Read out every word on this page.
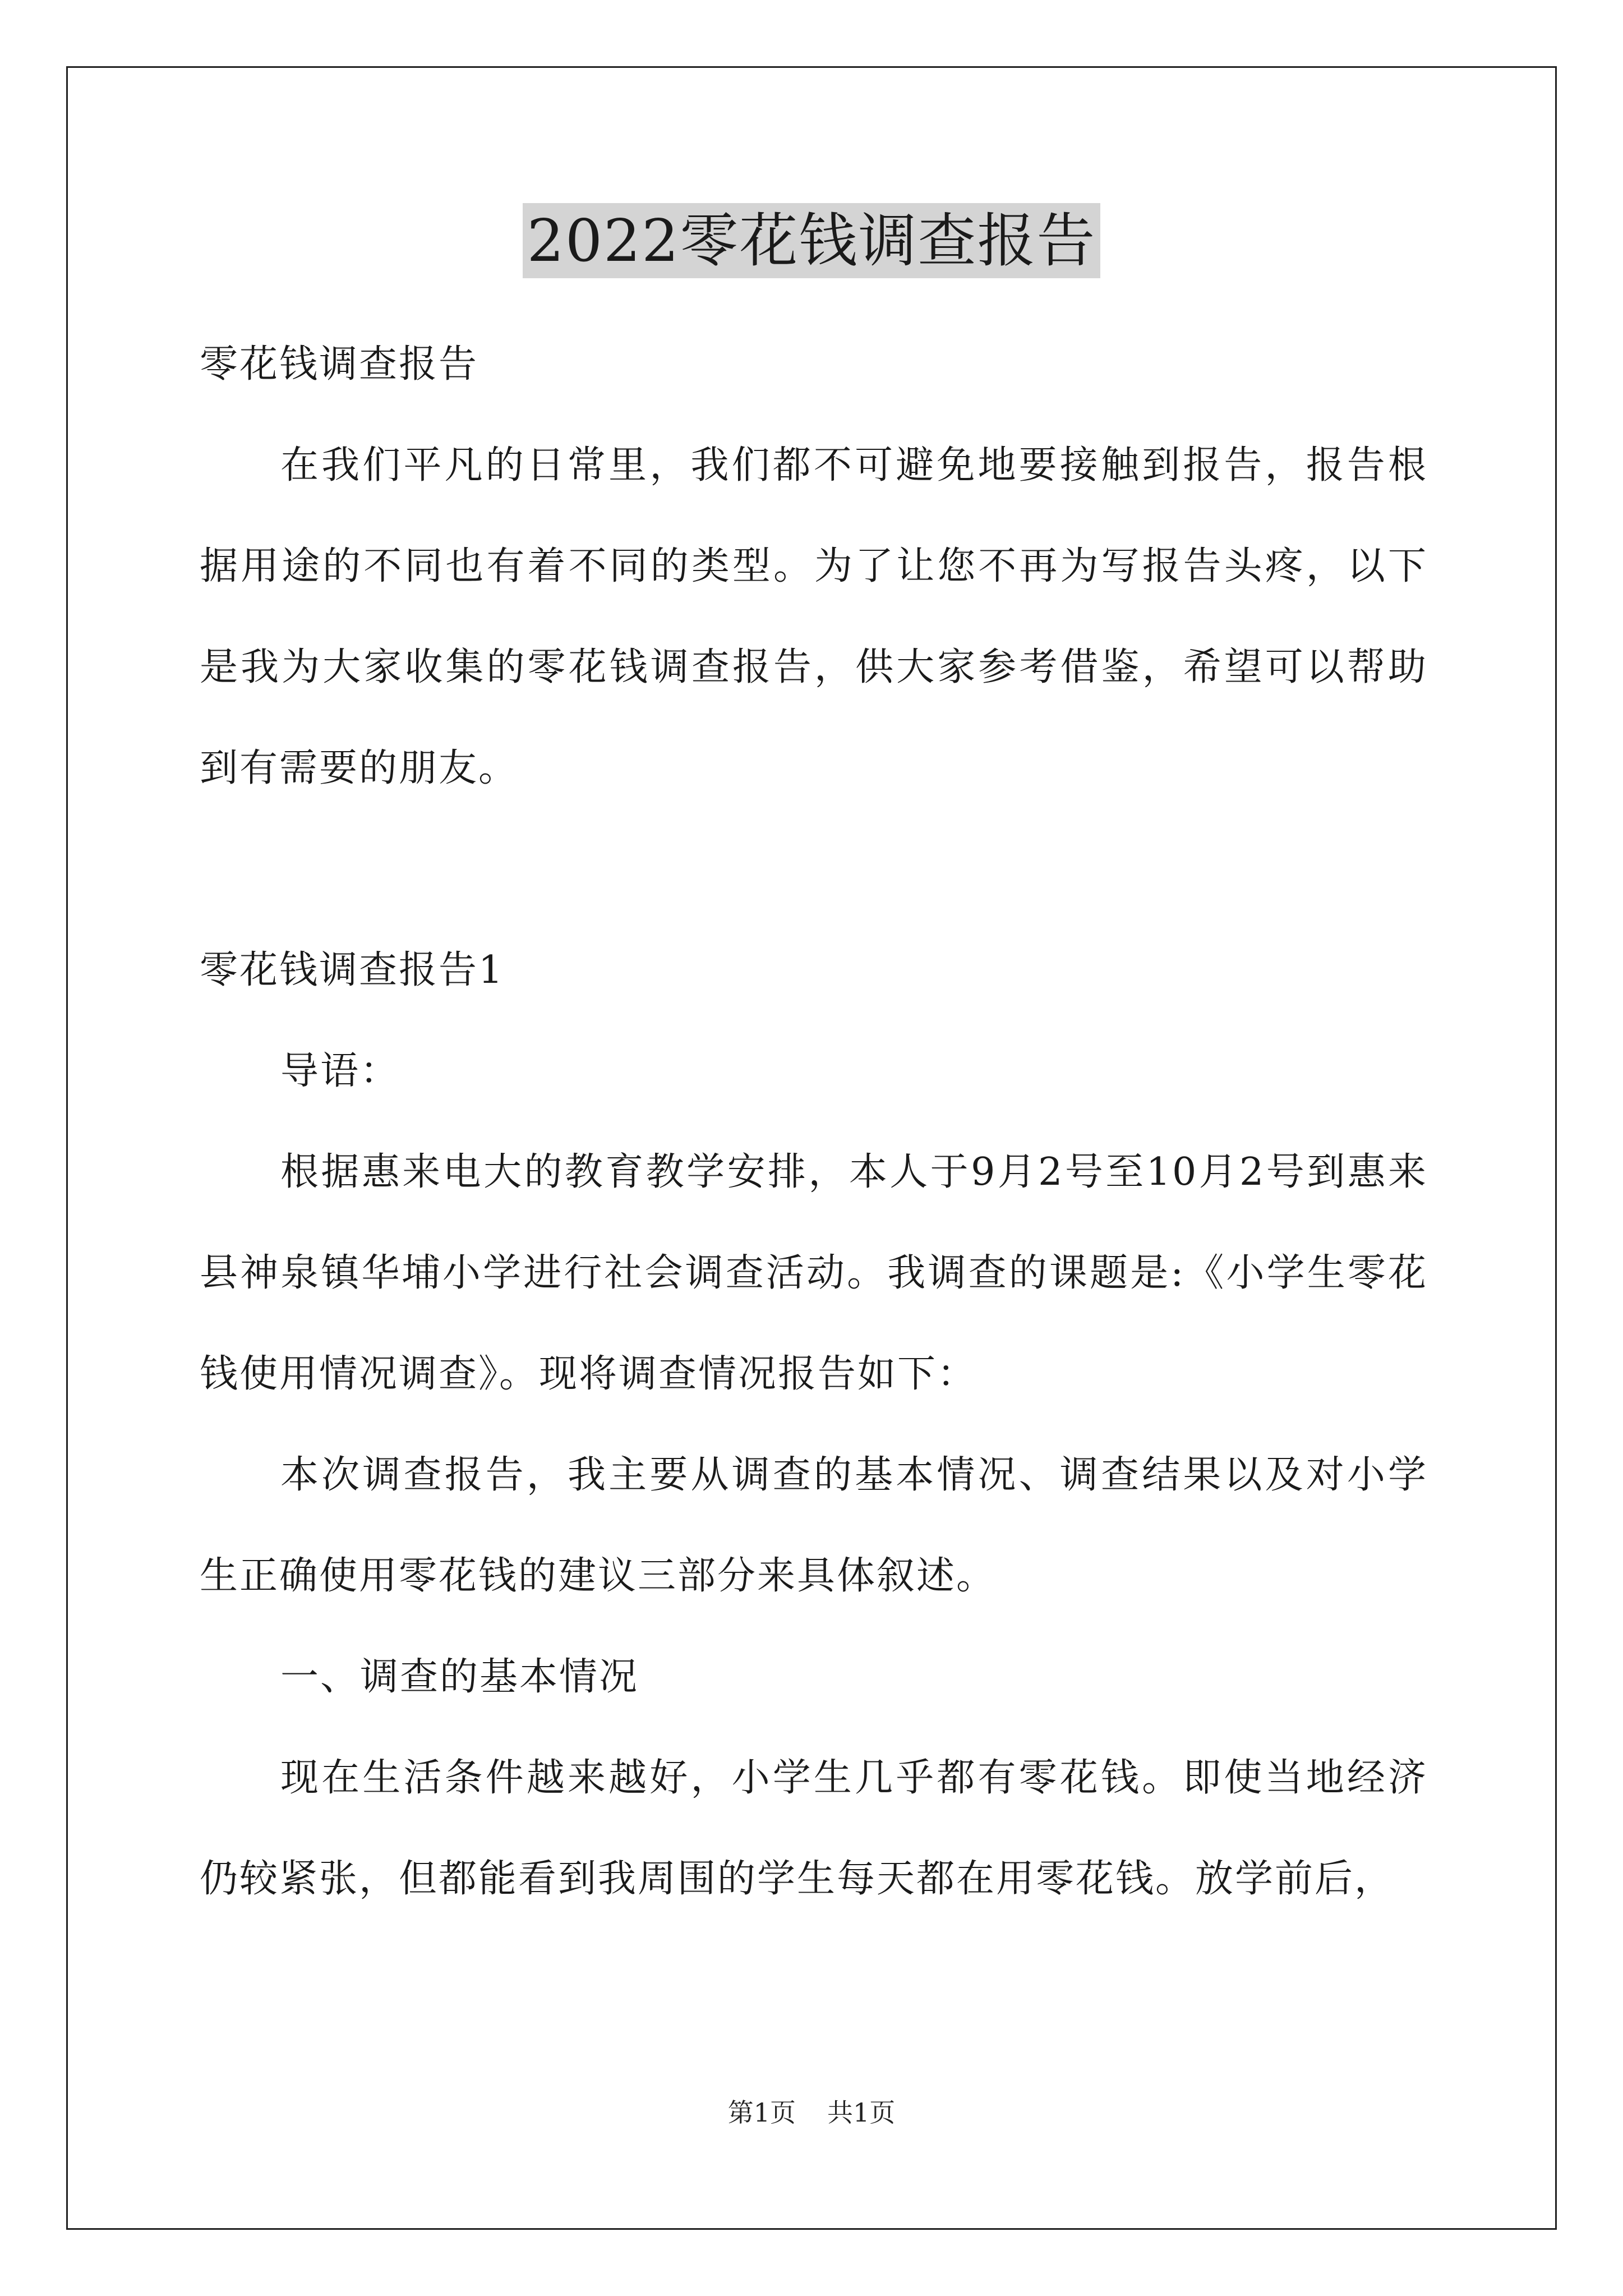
2022零花钱调查报告

零花钱调查报告

在我们平凡的日常里，我们都不可避免地要接触到报告，报告根据用途的不同也有着不同的类型。为了让您不再为写报告头疼，以下是我为大家收集的零花钱调查报告，供大家参考借鉴，希望可以帮助到有需要的朋友。

零花钱调查报告1

导语：

根据惠来电大的教育教学安排，本人于9月2号至10月2号到惠来县神泉镇华埔小学进行社会调查活动。我调查的课题是:《小学生零花钱使用情况调查》。现将调查情况报告如下：

本次调查报告，我主要从调查的基本情况、调查结果以及对小学生正确使用零花钱的建议三部分来具体叙述。

一、调查的基本情况

现在生活条件越来越好，小学生几乎都有零花钱。即使当地经济仍较紧张，但都能看到我周围的学生每天都在用零花钱。放学前后，

第1页 共1页
